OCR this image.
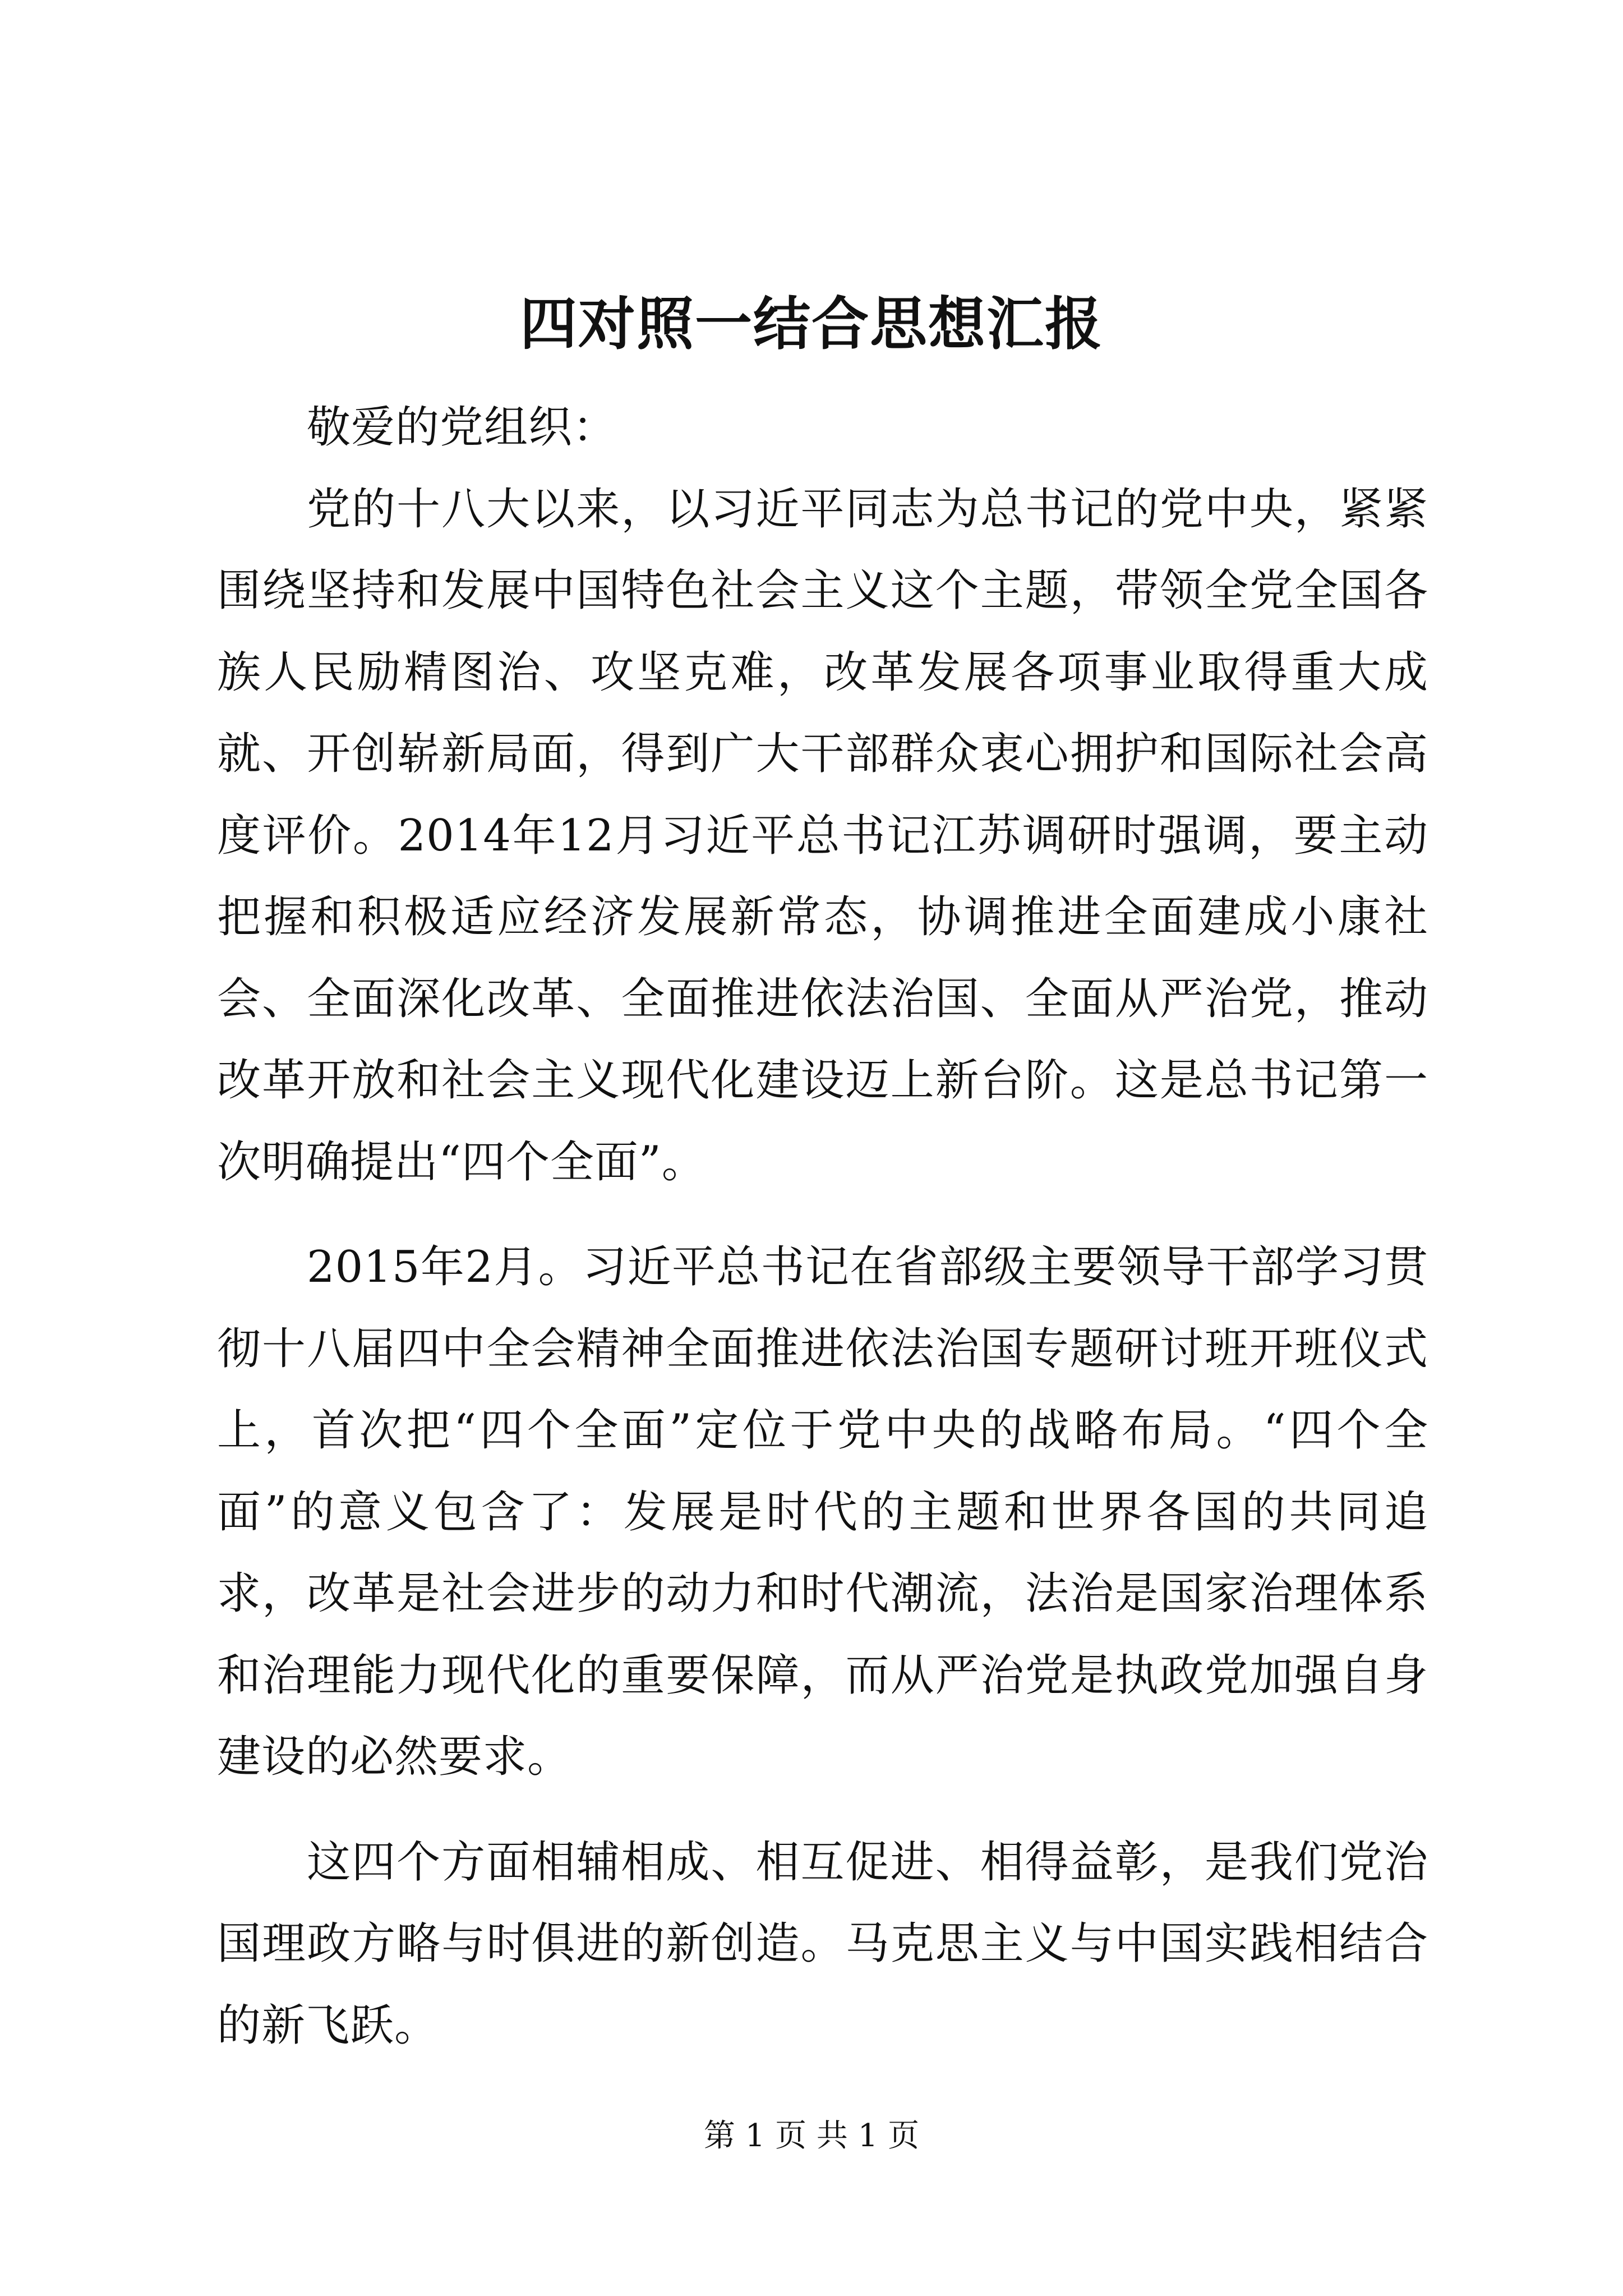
四对照一结合思想汇报

敬爱的党组织：

党的十八大以来，以习近平同志为总书记的党中央，紧紧围绕坚持和发展中国特色社会主义这个主题，带领全党全国各族人民励精图治、攻坚克难，改革发展各项事业取得重大成就、开创崭新局面，得到广大干部群众衷心拥护和国际社会高度评价。2014年12月习近平总书记江苏调研时强调，要主动把握和积极适应经济发展新常态，协调推进全面建成小康社会、全面深化改革、全面推进依法治国、全面从严治党，推动改革开放和社会主义现代化建设迈上新台阶。这是总书记第一次明确提出“四个全面”。

2015年2月。习近平总书记在省部级主要领导干部学习贯彻十八届四中全会精神全面推进依法治国专题研讨班开班仪式上，首次把“四个全面”定位于党中央的战略布局。“四个全面”的意义包含了：发展是时代的主题和世界各国的共同追求，改革是社会进步的动力和时代潮流，法治是国家治理体系和治理能力现代化的重要保障，而从严治党是执政党加强自身建设的必然要求。

这四个方面相辅相成、相互促进、相得益彰，是我们党治国理政方略与时俱进的新创造。马克思主义与中国实践相结合的新飞跃。

第 1 页 共 1 页
